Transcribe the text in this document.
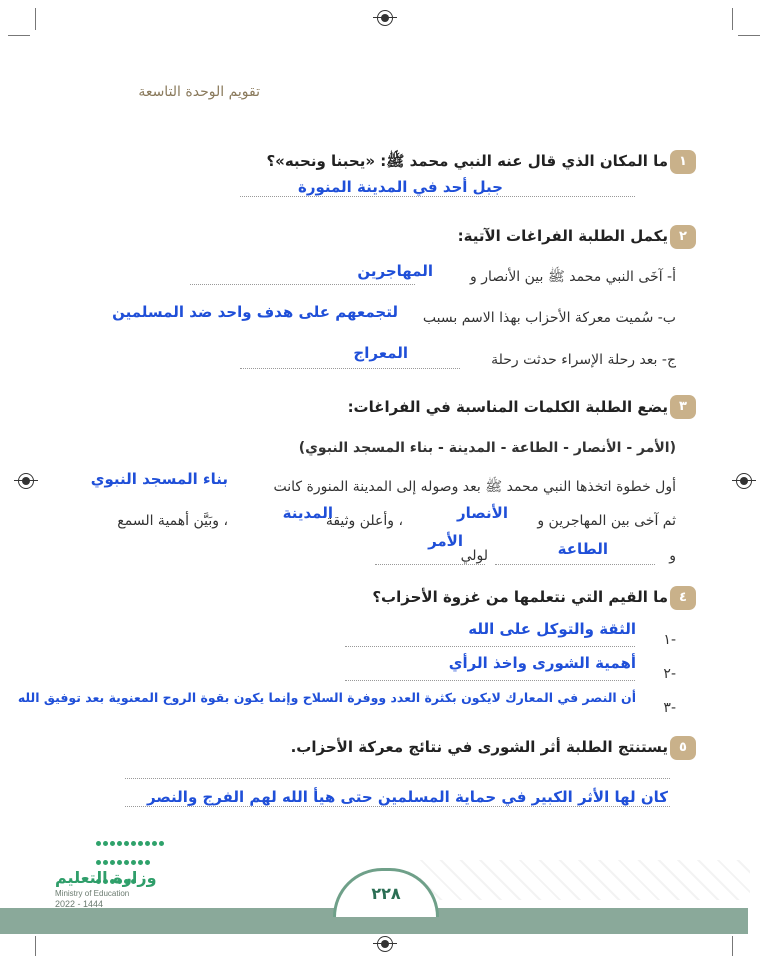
تقويم الوحدة التاسعة
١
ما المكان الذي قال عنه النبي محمد ﷺ: «يحبنا ونحبه»؟
جبل أحد في المدينة المنورة
٢
يكمل الطلبة الفراغات الآتية:
أ- آخَى النبي محمد ﷺ بين الأنصار و
المهاجرين
ب- سُميت معركة الأحزاب بهذا الاسم بسبب
لتجمعهم على هدف واحد ضد المسلمين
ج- بعد رحلة الإسراء حدثت رحلة
المعراج
٣
يضع الطلبة الكلمات المناسبة في الفراغات:
(الأمر - الأنصار - الطاعة - المدينة - بناء المسجد النبوي)
أول خطوة اتخذها النبي محمد ﷺ بعد وصوله إلى المدينة المنورة كانت
بناء المسجد النبوي
ثم آخى بين المهاجرين و
الأنصار
، وأعلن وثيقة
المدينة
، وبَيَّن أهمية السمع
و
الطاعة
لولي
الأمر
٤
ما القيم التي نتعلمها من غزوة الأحزاب؟
-١
الثقة والتوكل على الله
-٢
أهمية الشورى واخذ الرأي
-٣
أن النصر في المعارك لايكون بكثرة العدد ووفرة السلاح وإنما يكون بقوة الروح المعنوية بعد توفيق الله
٥
يستنتج الطلبة أثر الشورى في نتائج معركة الأحزاب.
كان لها الأثر الكبير في حماية المسلمين حتى هيأ الله لهم الفرج والنصر
٢٢٨
وزارة التعليم
Ministry of Education
2022 - 1444
